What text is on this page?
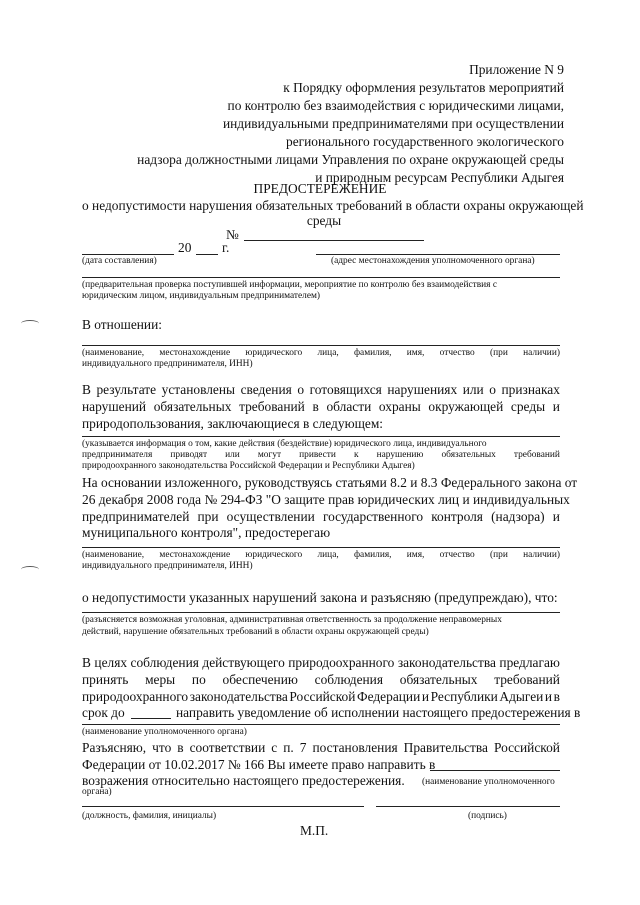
Приложение N 9
к Порядку оформления результатов мероприятий
по контролю без взаимодействия с юридическими лицами,
индивидуальными предпринимателями при осуществлении
регионального государственного экологического
надзора должностными лицами Управления по охране окружающей среды
и природным ресурсам Республики Адыгея
ПРЕДОСТЕРЕЖЕНИЕ
о недопустимости нарушения обязательных требований в области охраны окружающей
среды
№
20 г.
(дата составления)	(адрес местонахождения уполномоченного органа)
(предварительная проверка поступившей информации, мероприятие по контролю без взаимодействия с
юридическим лицом, индивидуальным предпринимателем)
В отношении:
(наименование, местонахождение юридического лица, фамилия, имя, отчество (при наличии)
индивидуального предпринимателя, ИНН)
В результате установлены сведения о готовящихся нарушениях или о признаках
нарушений обязательных требований в области охраны окружающей среды и
природопользования, заключающиеся в следующем:
(указывается информация о том, какие действия (бездействие) юридического лица, индивидуального
предпринимателя приводят или могут привести к нарушению обязательных требований
природоохранного законодательства Российской Федерации и Республики Адыгея)
На основании изложенного, руководствуясь статьями 8.2 и 8.3 Федерального закона от
26 декабря 2008 года № 294-ФЗ "О защите прав юридических лиц и индивидуальных
предпринимателей при осуществлении государственного контроля (надзора) и
муниципального контроля", предостерегаю
(наименование, местонахождение юридического лица, фамилия, имя, отчество (при наличии)
индивидуального предпринимателя, ИНН)
о недопустимости указанных нарушений закона и разъясняю (предупреждаю), что:
(разъясняется возможная уголовная, административная ответственность за продолжение неправомерных
действий, нарушение обязательных требований в области охраны окружающей среды)
В целях соблюдения действующего природоохранного законодательства предлагаю
принять меры по обеспечению соблюдения обязательных требований
природоохранного законодательства Российской Федерации и Республики Адыгеи и в
срок до	направить уведомление об исполнении настоящего предостережения в
(наименование уполномоченного органа)
Разъясняю, что в соответствии с п. 7 постановления Правительства Российской
Федерации от 10.02.2017 № 166 Вы имеете право направить в
возражения относительно настоящего предостережения. (наименование уполномоченного
органа)
(должность, фамилия, инициалы)	(подпись)
М.П.
